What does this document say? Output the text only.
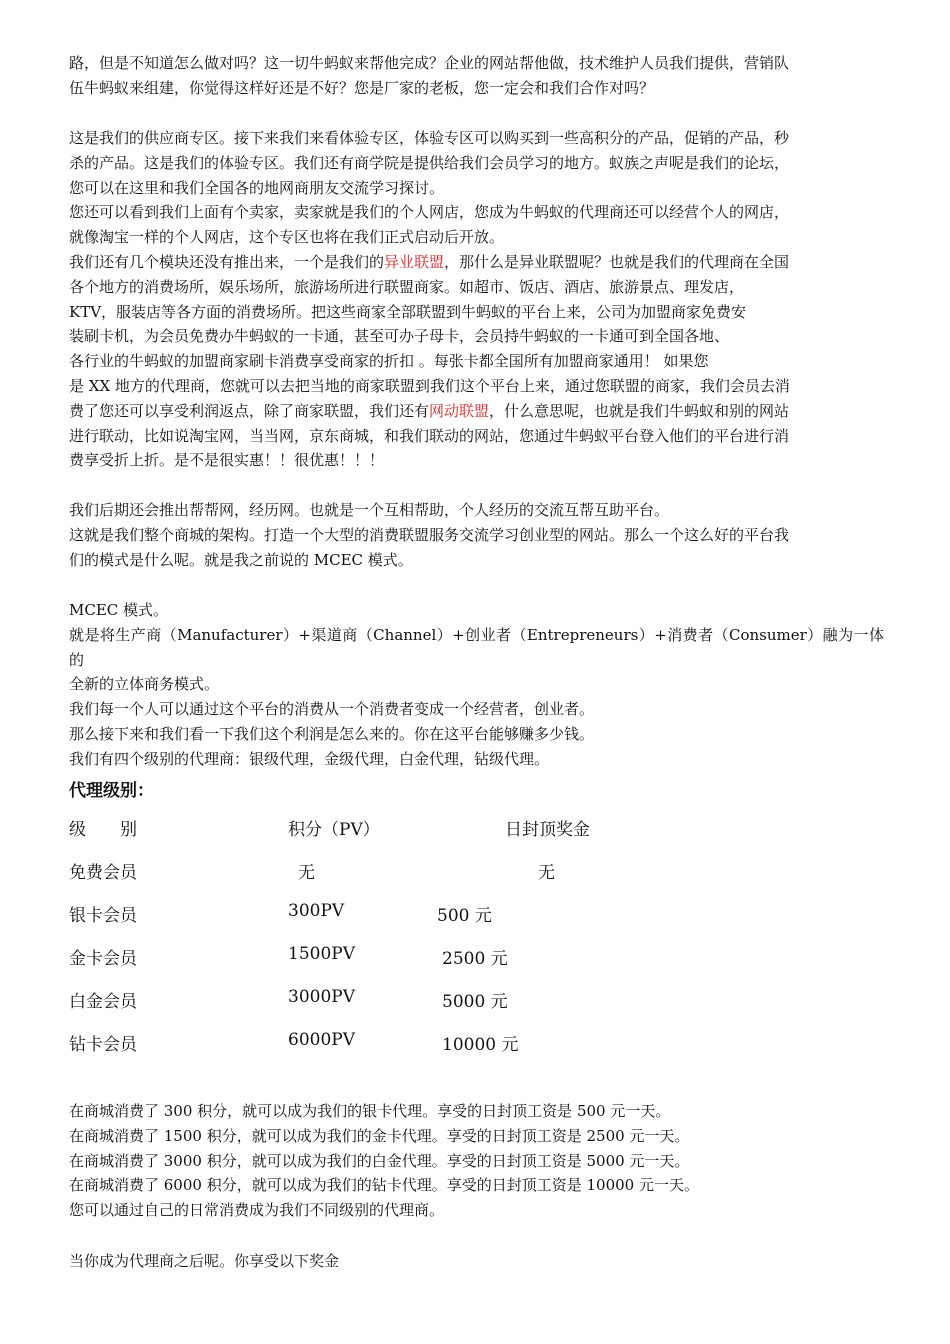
路，但是不知道怎么做对吗？这一切牛蚂蚁来帮他完成？企业的网站帮他做，技术维护人员我们提供，营销队
伍牛蚂蚁来组建，你觉得这样好还是不好？您是厂家的老板，您一定会和我们合作对吗？
这是我们的供应商专区。接下来我们来看体验专区，体验专区可以购买到一些高积分的产品，促销的产品，秒
杀的产品。这是我们的体验专区。我们还有商学院是提供给我们会员学习的地方。蚁族之声呢是我们的论坛，
您可以在这里和我们全国各的地网商朋友交流学习探讨。
您还可以看到我们上面有个卖家，卖家就是我们的个人网店，您成为牛蚂蚁的代理商还可以经营个人的网店，
就像淘宝一样的个人网店，这个专区也将在我们正式启动后开放。
我们还有几个模块还没有推出来，一个是我们的异业联盟，那什么是异业联盟呢？也就是我们的代理商在全国
各个地方的消费场所，娱乐场所，旅游场所进行联盟商家。如超市、饭店、酒店、旅游景点、理发店，
KTV，服装店等各方面的消费场所。把这些商家全部联盟到牛蚂蚁的平台上来，公司为加盟商家免费安
装刷卡机，为会员免费办牛蚂蚁的一卡通，甚至可办子母卡，会员持牛蚂蚁的一卡通可到全国各地、
各行业的牛蚂蚁的加盟商家刷卡消费享受商家的折扣 。每张卡都全国所有加盟商家通用！ 如果您
是 XX 地方的代理商，您就可以去把当地的商家联盟到我们这个平台上来，通过您联盟的商家，我们会员去消
费了您还可以享受利润返点，除了商家联盟，我们还有网动联盟，什么意思呢，也就是我们牛蚂蚁和别的网站
进行联动，比如说淘宝网，当当网，京东商城，和我们联动的网站，您通过牛蚂蚁平台登入他们的平台进行消
费享受折上折。是不是很实惠！！很优惠！！！
我们后期还会推出帮帮网，经历网。也就是一个互相帮助，个人经历的交流互帮互助平台。
这就是我们整个商城的架构。打造一个大型的消费联盟服务交流学习创业型的网站。那么一个这么好的平台我
们的模式是什么呢。就是我之前说的 MCEC 模式。
MCEC 模式。
就是将生产商（Manufacturer）+渠道商（Channel）+创业者（Entrepreneurs）+消费者（Consumer）融为一体的
全新的立体商务模式。
我们每一个人可以通过这个平台的消费从一个消费者变成一个经营者，创业者。
那么接下来和我们看一下我们这个利润是怎么来的。你在这平台能够赚多少钱。
我们有四个级别的代理商：银级代理，金级代理，白金代理，钻级代理。
代理级别：
级　　别	积分（PV）	日封顶奖金
免费会员	无	无
银卡会员	300PV	500 元
金卡会员	1500PV	2500 元
白金会员	3000PV	5000 元
钻卡会员	6000PV	10000 元
在商城消费了 300 积分，就可以成为我们的银卡代理。享受的日封顶工资是 500 元一天。
在商城消费了 1500 积分，就可以成为我们的金卡代理。享受的日封顶工资是 2500 元一天。
在商城消费了 3000 积分，就可以成为我们的白金代理。享受的日封顶工资是 5000 元一天。
在商城消费了 6000 积分，就可以成为我们的钻卡代理。享受的日封顶工资是 10000 元一天。
您可以通过自己的日常消费成为我们不同级别的代理商。
当你成为代理商之后呢。你享受以下奖金
